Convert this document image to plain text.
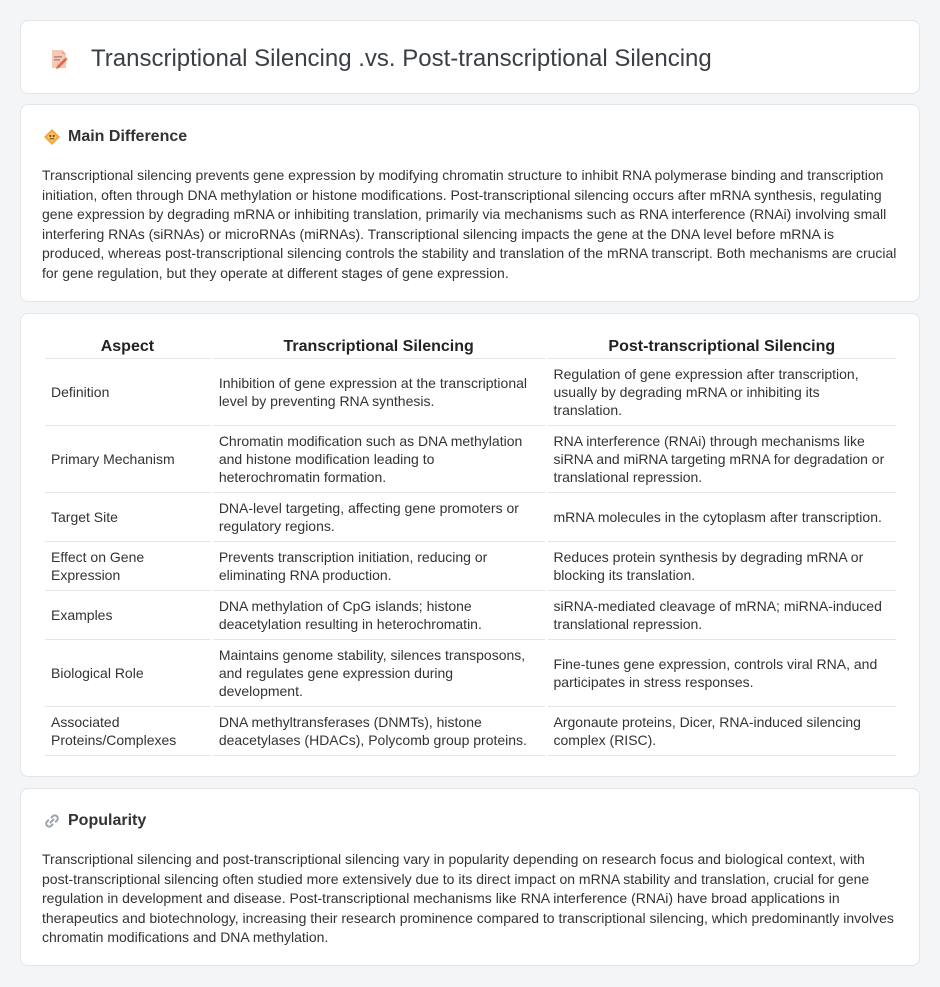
Transcriptional Silencing .vs. Post-transcriptional Silencing
Main Difference

Transcriptional silencing prevents gene expression by modifying chromatin structure to inhibit RNA polymerase binding and transcription initiation, often through DNA methylation or histone modifications. Post-transcriptional silencing occurs after mRNA synthesis, regulating gene expression by degrading mRNA or inhibiting translation, primarily via mechanisms such as RNA interference (RNAi) involving small interfering RNAs (siRNAs) or microRNAs (miRNAs). Transcriptional silencing impacts the gene at the DNA level before mRNA is produced, whereas post-transcriptional silencing controls the stability and translation of the mRNA transcript. Both mechanisms are crucial for gene regulation, but they operate at different stages of gene expression.

Aspect	Transcriptional Silencing	Post-transcriptional Silencing
Definition	Inhibition of gene expression at the transcriptional level by preventing RNA synthesis.	Regulation of gene expression after transcription, usually by degrading mRNA or inhibiting its translation.
Primary Mechanism	Chromatin modification such as DNA methylation and histone modification leading to heterochromatin formation.	RNA interference (RNAi) through mechanisms like siRNA and miRNA targeting mRNA for degradation or translational repression.
Target Site	DNA-level targeting, affecting gene promoters or regulatory regions.	mRNA molecules in the cytoplasm after transcription.
Effect on Gene Expression	Prevents transcription initiation, reducing or eliminating RNA production.	Reduces protein synthesis by degrading mRNA or blocking its translation.
Examples	DNA methylation of CpG islands; histone deacetylation resulting in heterochromatin.	siRNA-mediated cleavage of mRNA; miRNA-induced translational repression.
Biological Role	Maintains genome stability, silences transposons, and regulates gene expression during development.	Fine-tunes gene expression, controls viral RNA, and participates in stress responses.
Associated Proteins/Complexes	DNA methyltransferases (DNMTs), histone deacetylases (HDACs), Polycomb group proteins.	Argonaute proteins, Dicer, RNA-induced silencing complex (RISC).
Popularity

Transcriptional silencing and post-transcriptional silencing vary in popularity depending on research focus and biological context, with post-transcriptional silencing often studied more extensively due to its direct impact on mRNA stability and translation, crucial for gene regulation in development and disease. Post-transcriptional mechanisms like RNA interference (RNAi) have broad applications in therapeutics and biotechnology, increasing their research prominence compared to transcriptional silencing, which predominantly involves chromatin modifications and DNA methylation.
